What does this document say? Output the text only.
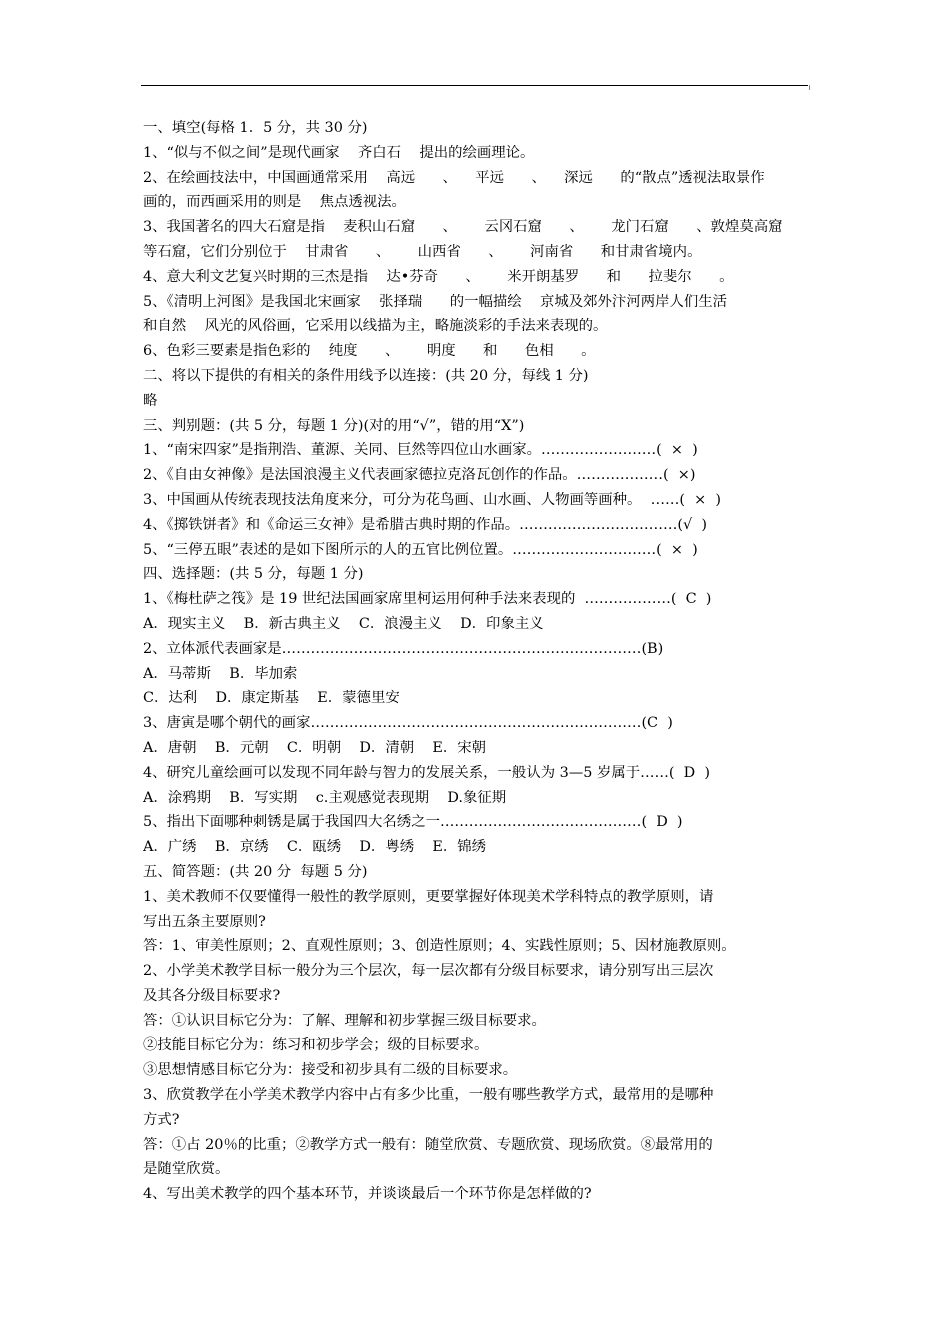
一、填空(每格 1．5 分，共 30 分)
1、“似与不似之间”是现代画家    齐白石    提出的绘画理论。
2、在绘画技法中，中国画通常采用    高远      、    平远      、    深远      的“散点”透视法取景作
画的，而西画采用的则是    焦点透视法。
3、我国著名的四大石窟是指    麦积山石窟      、      云冈石窟      、      龙门石窟      、敦煌莫高窟
等石窟，它们分别位于    甘肃省      、      山西省      、      河南省      和甘肃省境内。
4、意大利文艺复兴时期的三杰是指    达•芬奇      、      米开朗基罗      和      拉斐尔      。
5、《清明上河图》是我国北宋画家    张择瑞      的一幅描绘    京城及郊外汴河两岸人们生活
和自然    风光的风俗画，它采用以线描为主，略施淡彩的手法来表现的。
6、色彩三要素是指色彩的    纯度      、      明度      和      色相      。
二、将以下提供的有相关的条件用线予以连接：(共 20 分，每线 1 分)
略
三、判别题：(共 5 分，每题 1 分)(对的用“√”，错的用“X”)
1、“南宋四家”是指荆浩、董源、关同、巨然等四位山水画家。……………………(  ×  )
2、《自由女神像》是法国浪漫主义代表画家德拉克洛瓦创作的作品。………………(  ×)
3、中国画从传统表现技法角度来分，可分为花鸟画、山水画、人物画等画种。  ……(  ×  )
4、《掷铁饼者》和《命运三女神》是希腊古典时期的作品。……………………………(√  )
5、“三停五眼”表述的是如下图所示的人的五官比例位置。…………………………(  ×  )
四、选择题：(共 5 分，每题 1 分)
1、《梅杜萨之筏》是 19 世纪法国画家席里柯运用何种手法来表现的  ………………(  C  )
A．现实主义    B．新古典主义    C．浪漫主义    D．印象主义
2、立体派代表画家是…………………………………………………………………(B)
A．马蒂斯    B．毕加索
C．达利    D．康定斯基    E．蒙德里安
3、唐寅是哪个朝代的画家……………………………………………………………(C  )
A．唐朝    B．元朝    C．明朝    D．清朝    E．宋朝
4、研究儿童绘画可以发现不同年龄与智力的发展关系，一般认为 3—5 岁属于……(  D  )
A．涂鸦期    B．写实期    c.主观感觉表现期    D.象征期
5、指出下面哪种刺锈是属于我国四大名绣之一……………………………………(  D  )
A．广绣    B．京绣    C．瓯绣    D．粤绣    E．锦绣
五、简答题：(共 20 分  每题 5 分)
1、美术教师不仅要懂得一般性的教学原则，更要掌握好体现美术学科特点的教学原则，请
写出五条主要原则?
答：1、审美性原则；2、直观性原则；3、创造性原则；4、实践性原则；5、因材施教原则。
2、小学美术教学目标一般分为三个层次，每一层次都有分级目标要求，请分别写出三层次
及其各分级目标要求?
答：①认识目标它分为：了解、理解和初步掌握三级目标要求。
②技能目标它分为：练习和初步学会；级的目标要求。
③思想情感目标它分为：接受和初步具有二级的目标要求。
3、欣赏教学在小学美术教学内容中占有多少比重，一般有哪些教学方式，最常用的是哪种
方式?
答：①占 20％的比重；②教学方式一般有：随堂欣赏、专题欣赏、现场欣赏。⑧最常用的
是随堂欣赏。
4、写出美术教学的四个基本环节，并谈谈最后一个环节你是怎样做的?
